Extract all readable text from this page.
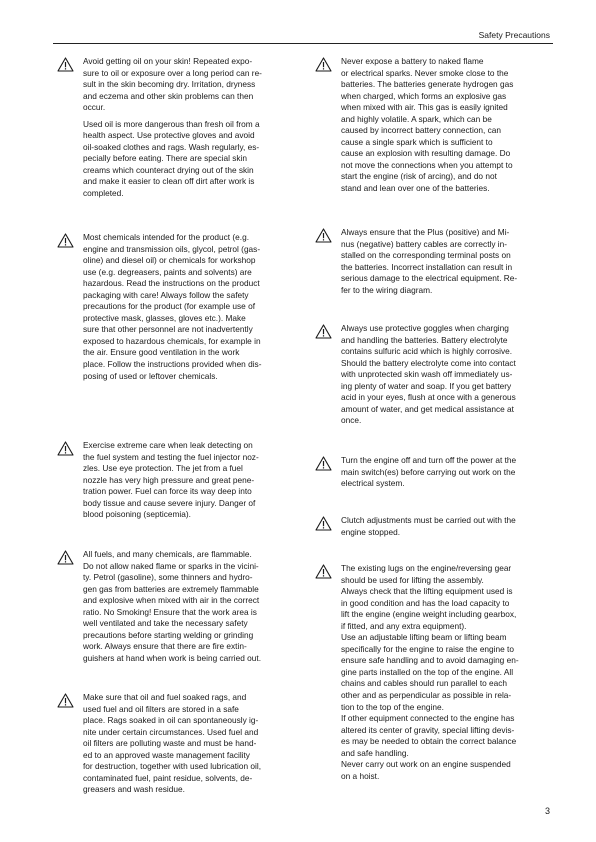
Safety Precautions

Avoid getting oil on your skin! Repeated expo-
sure to oil or exposure over a long period can re-
sult in the skin becoming dry. Irritation, dryness
and eczema and other skin problems can then
occur.

Used oil is more dangerous than fresh oil from a
health aspect. Use protective gloves and avoid
oil-soaked clothes and rags. Wash regularly, es-
pecially before eating. There are special skin
creams which counteract drying out of the skin
and make it easier to clean off dirt after work is
completed.

Most chemicals intended for the product (e.g.
engine and transmission oils, glycol, petrol (gas-
oline) and diesel oil) or chemicals for workshop
use (e.g. degreasers, paints and solvents) are
hazardous. Read the instructions on the product
packaging with care! Always follow the safety
precautions for the product (for example use of
protective mask, glasses, gloves etc.). Make
sure that other personnel are not inadvertently
exposed to hazardous chemicals, for example in
the air. Ensure good ventilation in the work
place. Follow the instructions provided when dis-
posing of used or leftover chemicals.

Exercise extreme care when leak detecting on
the fuel system and testing the fuel injector noz-
zles. Use eye protection. The jet from a fuel
nozzle has very high pressure and great pene-
tration power. Fuel can force its way deep into
body tissue and cause severe injury. Danger of
blood poisoning (septicemia).

All fuels, and many chemicals, are flammable.
Do not allow naked flame or sparks in the vicini-
ty. Petrol (gasoline), some thinners and hydro-
gen gas from batteries are extremely flammable
and explosive when mixed with air in the correct
ratio. No Smoking! Ensure that the work area is
well ventilated and take the necessary safety
precautions before starting welding or grinding
work. Always ensure that there are fire extin-
guishers at hand when work is being carried out.

Make sure that oil and fuel soaked rags, and
used fuel and oil filters are stored in a safe
place. Rags soaked in oil can spontaneously ig-
nite under certain circumstances. Used fuel and
oil filters are polluting waste and must be hand-
ed to an approved waste management facility
for destruction, together with used lubrication oil,
contaminated fuel, paint residue, solvents, de-
greasers and wash residue.

Never expose a battery to naked flame
or electrical sparks. Never smoke close to the
batteries. The batteries generate hydrogen gas
when charged, which forms an explosive gas
when mixed with air. This gas is easily ignited
and highly volatile. A spark, which can be
caused by incorrect battery connection, can
cause a single spark which is sufficient to
cause an explosion with resulting damage. Do
not move the connections when you attempt to
start the engine (risk of arcing), and do not
stand and lean over one of the batteries.

Always ensure that the Plus (positive) and Mi-
nus (negative) battery cables are correctly in-
stalled on the corresponding terminal posts on
the batteries. Incorrect installation can result in
serious damage to the electrical equipment. Re-
fer to the wiring diagram.

Always use protective goggles when charging
and handling the batteries. Battery electrolyte
contains sulfuric acid which is highly corrosive.
Should the battery electrolyte come into contact
with unprotected skin wash off immediately us-
ing plenty of water and soap. If you get battery
acid in your eyes, flush at once with a generous
amount of water, and get medical assistance at
once.

Turn the engine off and turn off the power at the
main switch(es) before carrying out work on the
electrical system.

Clutch adjustments must be carried out with the
engine stopped.

The existing lugs on the engine/reversing gear
should be used for lifting the assembly.
Always check that the lifting equipment used is
in good condition and has the load capacity to
lift the engine (engine weight including gearbox,
if fitted, and any extra equipment).
Use an adjustable lifting beam or lifting beam
specifically for the engine to raise the engine to
ensure safe handling and to avoid damaging en-
gine parts installed on the top of the engine. All
chains and cables should run parallel to each
other and as perpendicular as possible in rela-
tion to the top of the engine.
If other equipment connected to the engine has
altered its center of gravity, special lifting devis-
es may be needed to obtain the correct balance
and safe handling.
Never carry out work on an engine suspended
on a hoist.

3
